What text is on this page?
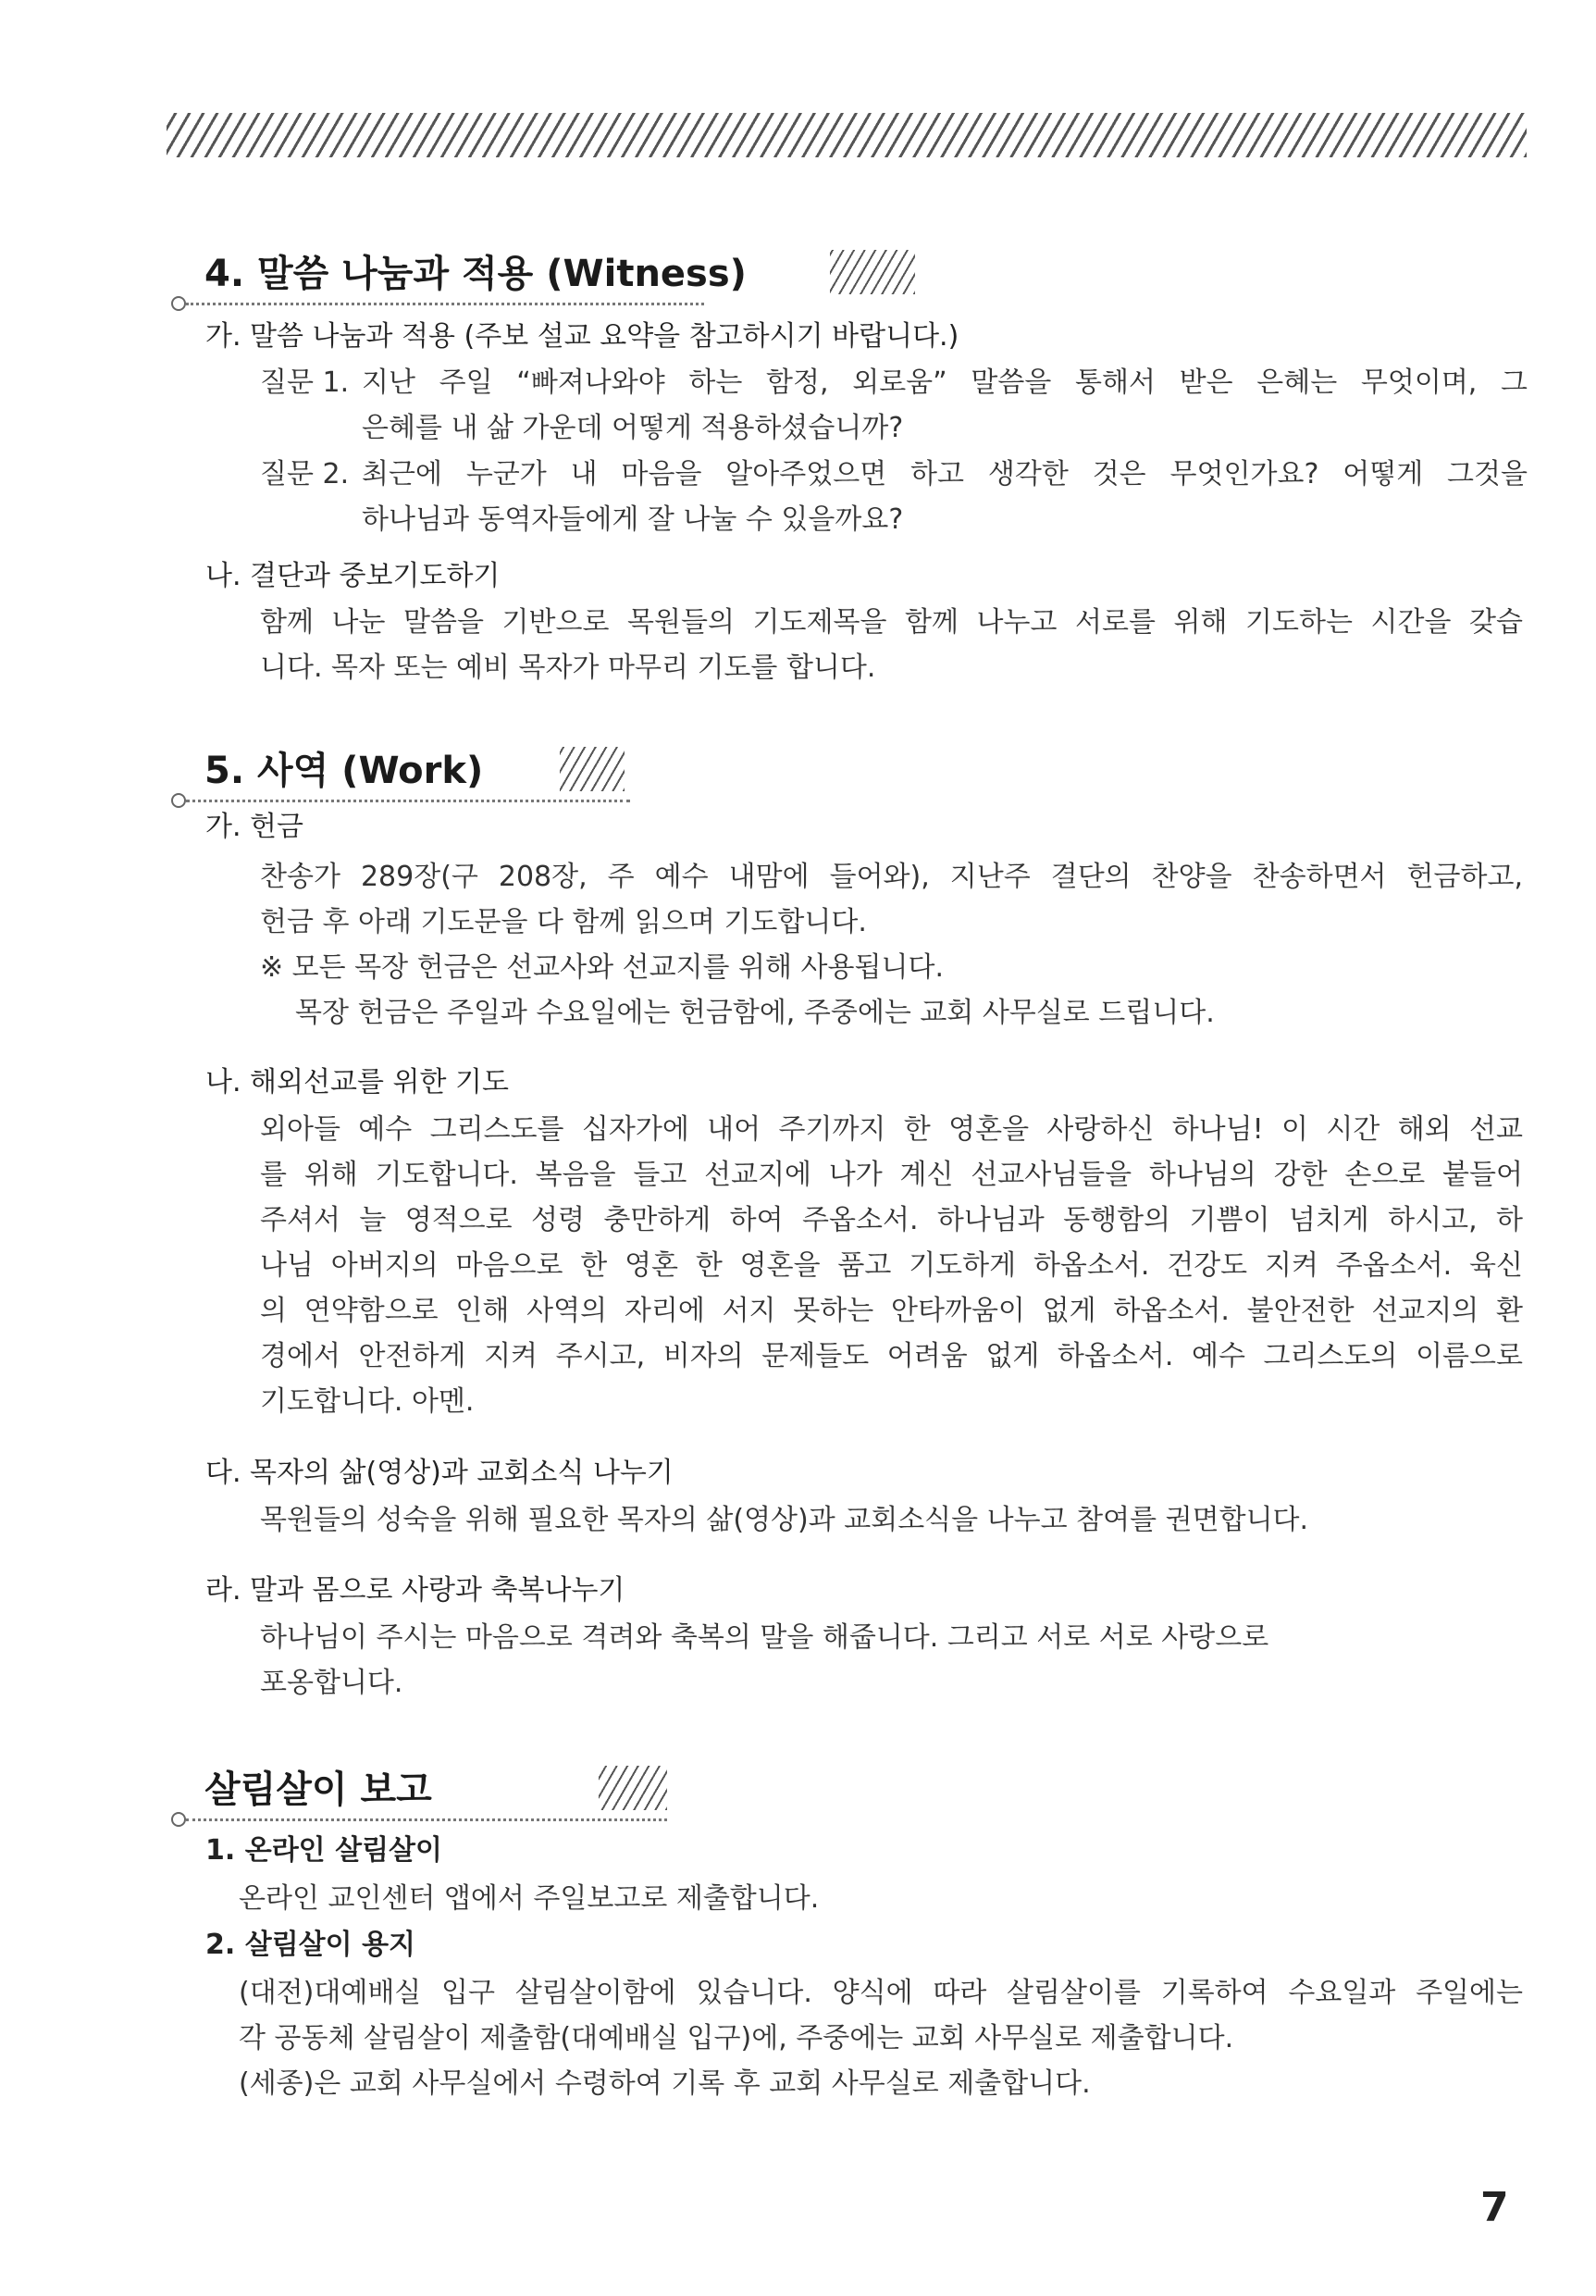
4. 말씀 나눔과 적용 (Witness)
가. 말씀 나눔과 적용 (주보 설교 요약을 참고하시기 바랍니다.)
질문 1. 지난 주일 “빠져나와야 하는 함정, 외로움” 말씀을 통해서 받은 은혜는 무엇이며, 그
은혜를 내 삶 가운데 어떻게 적용하셨습니까?
질문 2. 최근에 누군가 내 마음을 알아주었으면 하고 생각한 것은 무엇인가요? 어떻게 그것을
하나님과 동역자들에게 잘 나눌 수 있을까요?
나. 결단과 중보기도하기
함께 나눈 말씀을 기반으로 목원들의 기도제목을 함께 나누고 서로를 위해 기도하는 시간을 갖습
니다. 목자 또는 예비 목자가 마무리 기도를 합니다.
5. 사역 (Work)
가. 헌금
찬송가 289장(구 208장, 주 예수 내맘에 들어와), 지난주 결단의 찬양을 찬송하면서 헌금하고,
헌금 후 아래 기도문을 다 함께 읽으며 기도합니다.
※ 모든 목장 헌금은 선교사와 선교지를 위해 사용됩니다.
목장 헌금은 주일과 수요일에는 헌금함에, 주중에는 교회 사무실로 드립니다.
나. 해외선교를 위한 기도
외아들 예수 그리스도를 십자가에 내어 주기까지 한 영혼을 사랑하신 하나님! 이 시간 해외 선교
를 위해 기도합니다. 복음을 들고 선교지에 나가 계신 선교사님들을 하나님의 강한 손으로 붙들어
주셔서 늘 영적으로 성령 충만하게 하여 주옵소서. 하나님과 동행함의 기쁨이 넘치게 하시고, 하
나님 아버지의 마음으로 한 영혼 한 영혼을 품고 기도하게 하옵소서. 건강도 지켜 주옵소서. 육신
의 연약함으로 인해 사역의 자리에 서지 못하는 안타까움이 없게 하옵소서. 불안전한 선교지의 환
경에서 안전하게 지켜 주시고, 비자의 문제들도 어려움 없게 하옵소서. 예수 그리스도의 이름으로
기도합니다. 아멘.
다. 목자의 삶(영상)과 교회소식 나누기
목원들의 성숙을 위해 필요한 목자의 삶(영상)과 교회소식을 나누고 참여를 권면합니다.
라. 말과 몸으로 사랑과 축복나누기
하나님이 주시는 마음으로 격려와 축복의 말을 해줍니다. 그리고 서로 서로 사랑으로
포옹합니다.
살림살이 보고
1. 온라인 살림살이
온라인 교인센터 앱에서 주일보고로 제출합니다.
2. 살림살이 용지
(대전)대예배실 입구 살림살이함에 있습니다. 양식에 따라 살림살이를 기록하여 수요일과 주일에는
각 공동체 살림살이 제출함(대예배실 입구)에, 주중에는 교회 사무실로 제출합니다.
(세종)은 교회 사무실에서 수령하여 기록 후 교회 사무실로 제출합니다.
7
